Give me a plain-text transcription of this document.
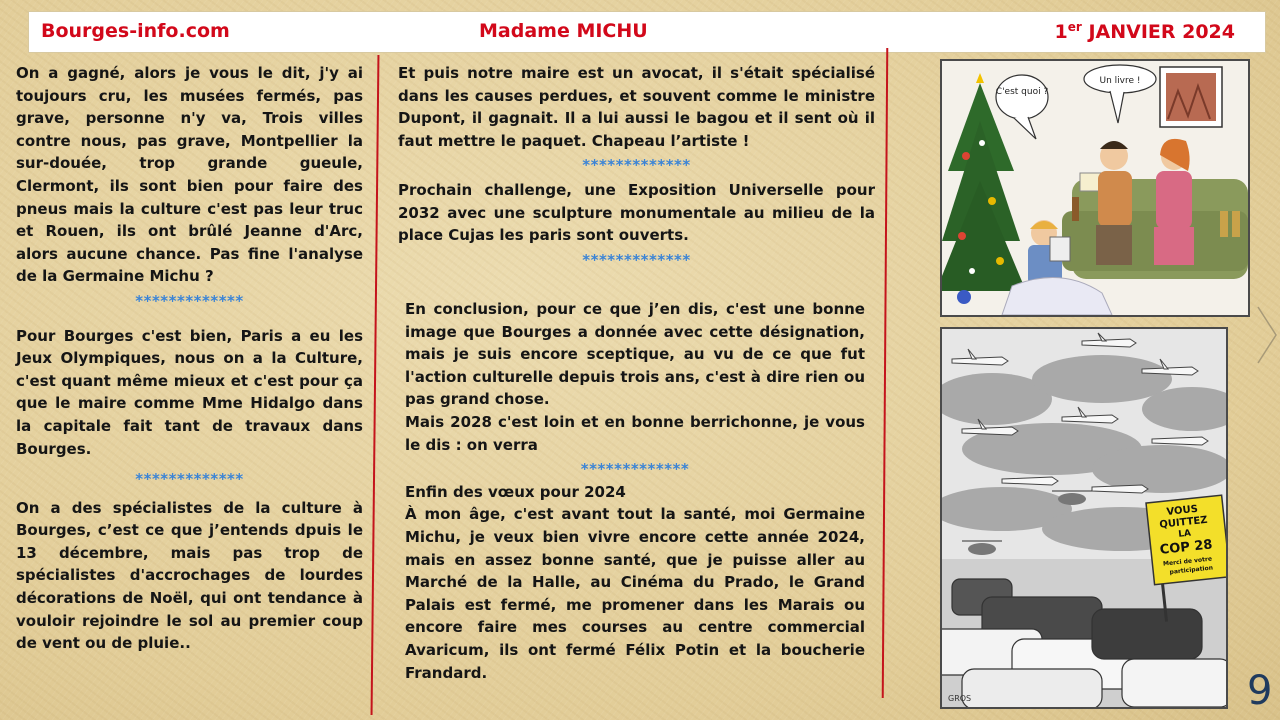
Bourges-info.com	Madame MICHU	1er JANVIER 2024

On a gagné, alors je vous le dit, j'y ai toujours cru, les musées fermés, pas grave, personne n'y va, Trois villes contre nous, pas grave, Montpellier la sur-douée, trop grande gueule, Clermont, ils sont bien pour faire des pneus mais la culture c'est pas leur truc et Rouen, ils ont brûlé Jeanne d'Arc, alors aucune chance. Pas fine l'analyse de la Germaine Michu ?

*************

Pour Bourges c'est bien, Paris a eu les Jeux Olympiques, nous on a la Culture, c'est quant même mieux et c'est pour ça que le maire comme Mme Hidalgo dans la capitale fait tant de travaux dans Bourges.

*************

On a des spécialistes de la culture à Bourges, c’est ce que j’entends dpuis le 13 décembre, mais pas trop de spécialistes d'accrochages de lourdes décorations de Noël, qui ont tendance à vouloir rejoindre le sol au premier coup de vent ou de pluie..

Et puis notre maire est un avocat, il s'était spécialisé dans les causes perdues, et souvent comme le ministre Dupont, il gagnait. Il a lui aussi le bagou et il sent où il faut mettre le paquet. Chapeau l’artiste !

*************

Prochain challenge, une Exposition Universelle pour 2032 avec une sculpture monumentale au milieu de la place Cujas les paris sont ouverts.

*************

En conclusion, pour ce que j’en dis, c'est une bonne image que Bourges a donnée avec cette désignation, mais je suis encore sceptique, au vu de ce que fut l'action culturelle depuis trois ans, c'est à dire rien ou pas grand chose.

Mais 2028 c'est loin et en bonne berrichonne, je vous le dis : on verra

*************

Enfin des vœux pour 2024

À mon âge, c'est avant tout la santé, moi Germaine Michu, je veux bien vivre encore cette année 2024, mais en assez bonne santé, que je puisse aller au Marché de la Halle, au Cinéma du Prado, le Grand Palais est fermé, me promener dans les Marais ou encore faire mes courses au centre commercial Avaricum, ils ont fermé Félix Potin et la boucherie Frandard.

C'est quoi ?
Un livre !
VOUS QUITTEZ LA COP 28 Merci de votre participation
GROS	9
